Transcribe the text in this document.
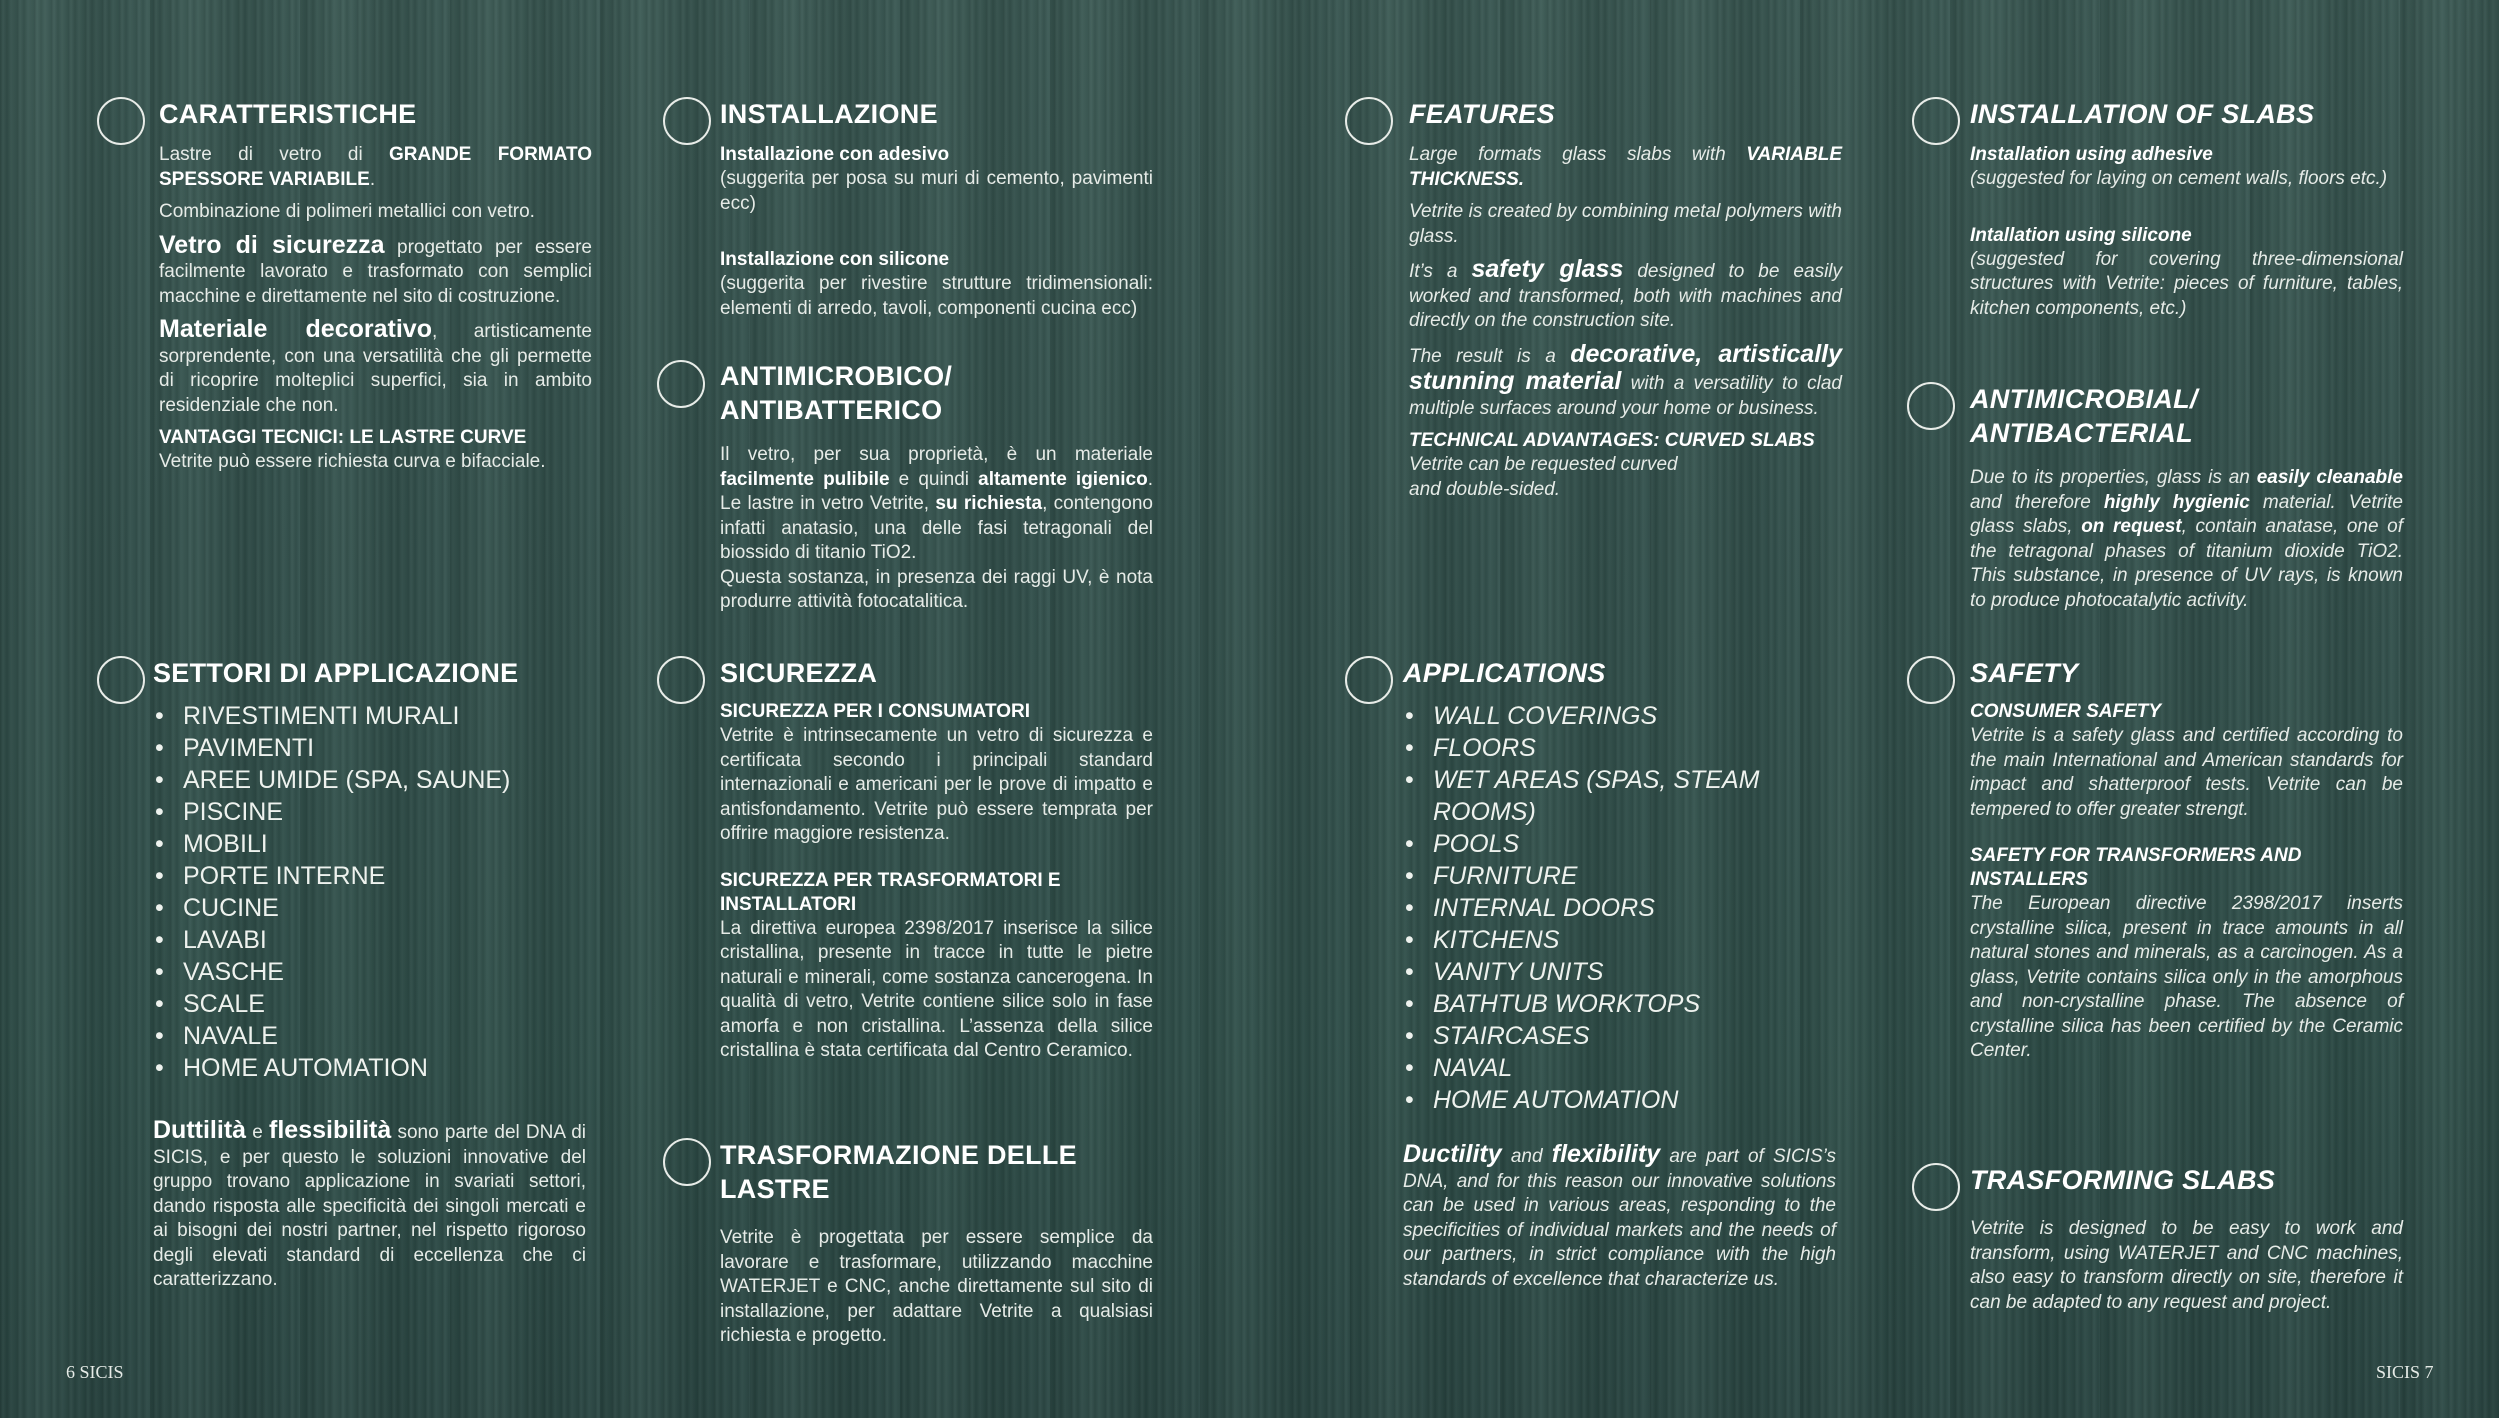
CARATTERISTICHE

Lastre di vetro di GRANDE FORMATO SPESSORE VARIABILE.

Combinazione di polimeri metallici con vetro.

Vetro di sicurezza progettato per essere facilmente lavorato e trasformato con semplici macchine e direttamente nel sito di costruzione.

Materiale decorativo, artisticamente sorprendente, con una versatilità che gli permette di ricoprire molteplici superfici, sia in ambito residenziale che non.

VANTAGGI TECNICI: LE LASTRE CURVE

Vetrite può essere richiesta curva e bifacciale.

INSTALLAZIONE
Installazione con adesivo

(suggerita per posa su muri di cemento, pavimenti ecc)

Installazione con silicone

(suggerita per rivestire strutture tridimensionali: elementi di arredo, tavoli, componenti cucina ecc)

ANTIMICROBICO/ ANTIBATTERICO

Il vetro, per sua proprietà, è un materiale facilmente pulibile e quindi altamente igienico. Le lastre in vetro Vetrite, su richiesta, contengono infatti anatasio, una delle fasi tetragonali del biossido di titanio TiO2.

Questa sostanza, in presenza dei raggi UV, è nota produrre attività fotocatalitica.

SETTORI DI APPLICAZIONE
• RIVESTIMENTI MURALI
• PAVIMENTI
• AREE UMIDE (SPA, SAUNE)
• PISCINE
• MOBILI
• PORTE INTERNE
• CUCINE
• LAVABI
• VASCHE
• SCALE
• NAVALE
• HOME AUTOMATION

Duttilità e flessibilità sono parte del DNA di SICIS, e per questo le soluzioni innovative del gruppo trovano applicazione in svariati settori, dando risposta alle specificità dei singoli mercati e ai bisogni dei nostri partner, nel rispetto rigoroso degli elevati standard di eccellenza che ci caratterizzano.

SICUREZZA
SICUREZZA PER I CONSUMATORI

Vetrite è intrinsecamente un vetro di sicurezza e certificata secondo i principali standard internazionali e americani per le prove di impatto e antisfondamento. Vetrite può essere temprata per offrire maggiore resistenza.

SICUREZZA PER TRASFORMATORI E INSTALLATORI

La direttiva europea 2398/2017 inserisce la silice cristallina, presente in tracce in tutte le pietre naturali e minerali, come sostanza cancerogena. In qualità di vetro, Vetrite contiene silice solo in fase amorfa e non cristallina. L’assenza della silice cristallina è stata certificata dal Centro Ceramico.

TRASFORMAZIONE DELLE LASTRE

Vetrite è progettata per essere semplice da lavorare e trasformare, utilizzando macchine WATERJET e CNC, anche direttamente sul sito di installazione, per adattare Vetrite a qualsiasi richiesta e progetto.

6 SICIS
FEATURES

Large formats glass slabs with VARIABLE THICKNESS.

Vetrite is created by combining metal polymers with glass.

It’s a safety glass designed to be easily worked and transformed, both with machines and directly on the construction site.

The result is a decorative, artistically stunning material with a versatility to clad multiple surfaces around your home or business.

TECHNICAL ADVANTAGES: CURVED SLABS

Vetrite can be requested curved
and double-sided.

INSTALLATION OF SLABS
Installation using adhesive

(suggested for laying on cement walls, floors etc.)

Intallation using silicone

(suggested for covering three-dimensional structures with Vetrite: pieces of furniture, tables, kitchen components, etc.)

ANTIMICROBIAL/ ANTIBACTERIAL

Due to its properties, glass is an easily cleanable and therefore highly hygienic material. Vetrite glass slabs, on request, contain anatase, one of the tetragonal phases of titanium dioxide TiO2. This substance, in presence of UV rays, is known to produce photocatalytic activity.

APPLICATIONS
• WALL COVERINGS
• FLOORS
• WET AREAS (SPAS, STEAM ROOMS)
• POOLS
• FURNITURE
• INTERNAL DOORS
• KITCHENS
• VANITY UNITS
• BATHTUB WORKTOPS
• STAIRCASES
• NAVAL
• HOME AUTOMATION

Ductility and flexibility are part of SICIS’s DNA, and for this reason our innovative solutions can be used in various areas, responding to the specificities of individual markets and the needs of our partners, in strict compliance with the high standards of excellence that characterize us.

SAFETY
CONSUMER SAFETY

Vetrite is a safety glass and certified according to the main International and American standards for impact and shatterproof tests. Vetrite can be tempered to offer greater strengt.

SAFETY FOR TRANSFORMERS AND INSTALLERS

The European directive 2398/2017 inserts crystalline silica, present in trace amounts in all natural stones and minerals, as a carcinogen. As a glass, Vetrite contains silica only in the amorphous and non-crystalline phase. The absence of crystalline silica has been certified by the Ceramic Center.

TRASFORMING SLABS

Vetrite is designed to be easy to work and transform, using WATERJET and CNC machines, also easy to transform directly on site, therefore it can be adapted to any request and project.

SICIS 7
